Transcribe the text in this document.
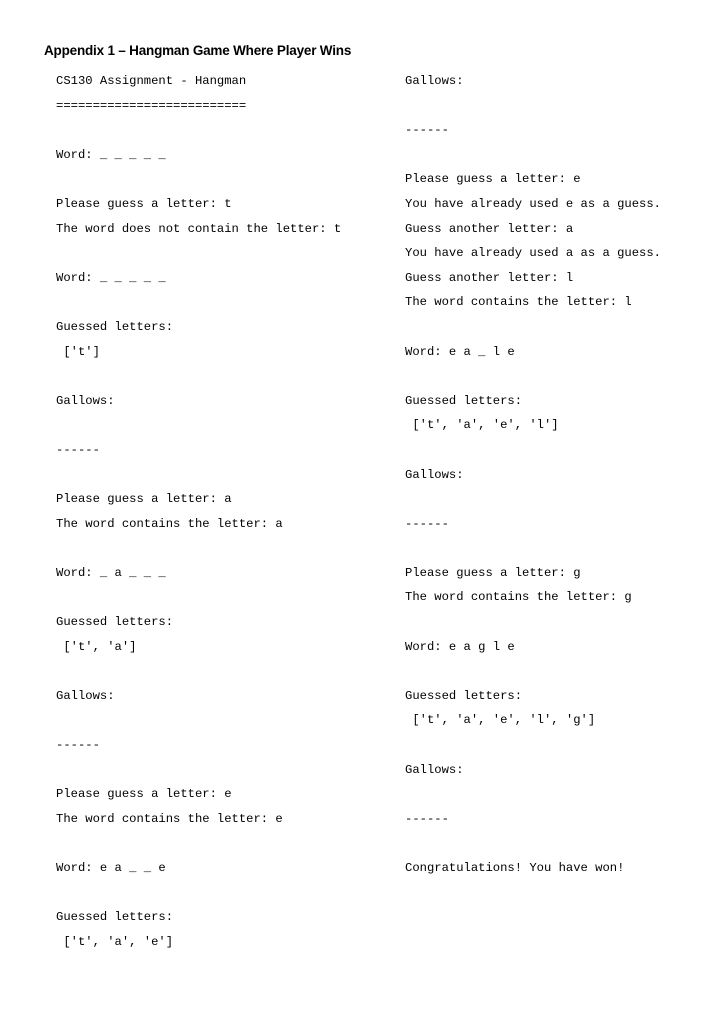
Appendix 1 – Hangman Game Where Player Wins
CS130 Assignment - Hangman
==========================
Word: _ _ _ _ _
Please guess a letter: t
The word does not contain the letter: t
Word: _ _ _ _ _
Guessed letters:
['t']
Gallows:
------
Please guess a letter: a
The word contains the letter: a
Word: _ a _ _ _
Guessed letters:
['t', 'a']
Gallows:
------
Please guess a letter: e
The word contains the letter: e
Word: e a _ _ e
Guessed letters:
['t', 'a', 'e']
Gallows:
------
Please guess a letter: e
You have already used e as a guess.
Guess another letter: a
You have already used a as a guess.
Guess another letter: l
The word contains the letter: l
Word: e a _ l e
Guessed letters:
['t', 'a', 'e', 'l']
Gallows:
------
Please guess a letter: g
The word contains the letter: g
Word: e a g l e
Guessed letters:
['t', 'a', 'e', 'l', 'g']
Gallows:
------
Congratulations! You have won!
